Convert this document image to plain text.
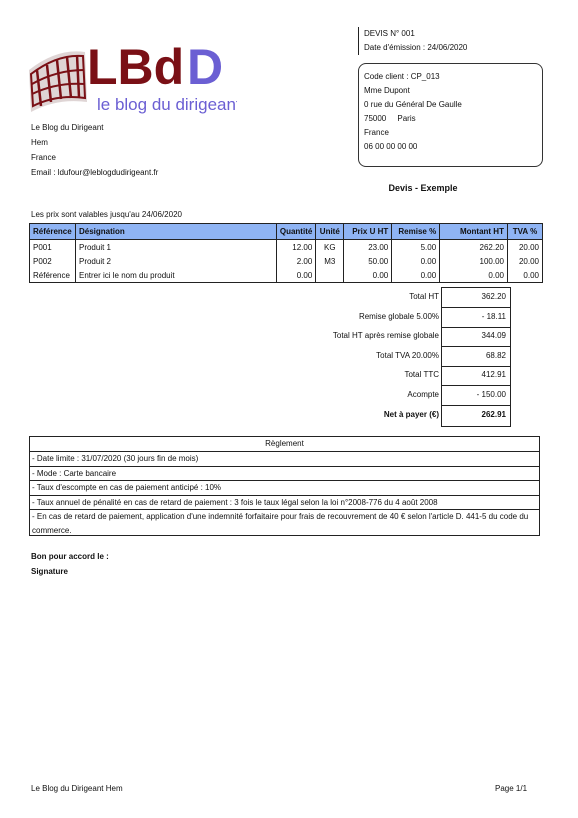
LBd D
le blog du dirigeant
DEVIS N° 001
Date d'émission : 24/06/2020
Code client : CP_013
Mme Dupont
0 rue du Général De Gaulle
75000 Paris
France
06 00 00 00 00
Le Blog du Dirigeant
Hem
France
Email : ldufour@leblogdudirigeant.fr
Devis - Exemple
Les prix sont valables jusqu'au 24/06/2020
Référence	Désignation	Quantité	Unité	Prix U HT	Remise %	Montant HT	TVA %
P001	Produit 1	12.00	KG	23.00	5.00	262.20	20.00
P002	Produit 2	2.00	M3	50.00	0.00	100.00	20.00
Référence	Entrer ici le nom du produit	0.00		0.00	0.00	0.00	0.00
Total HT	362.20
Remise globale 5.00%	- 18.11
Total HT après remise globale	344.09
Total TVA 20.00%	68.82
Total TTC	412.91
Acompte	- 150.00
Net à payer (€)	262.91
Règlement
- Date limite : 31/07/2020 (30 jours fin de mois)
- Mode : Carte bancaire
- Taux d'escompte en cas de paiement anticipé : 10%
- Taux annuel de pénalité en cas de retard de paiement : 3 fois le taux légal selon la loi n°2008-776 du 4 août 2008
- En cas de retard de paiement, application d'une indemnité forfaitaire pour frais de recouvrement de 40 € selon l'article D. 441-5 du code du commerce.
Bon pour accord le :
Signature
Le Blog du Dirigeant Hem	Page 1/1
